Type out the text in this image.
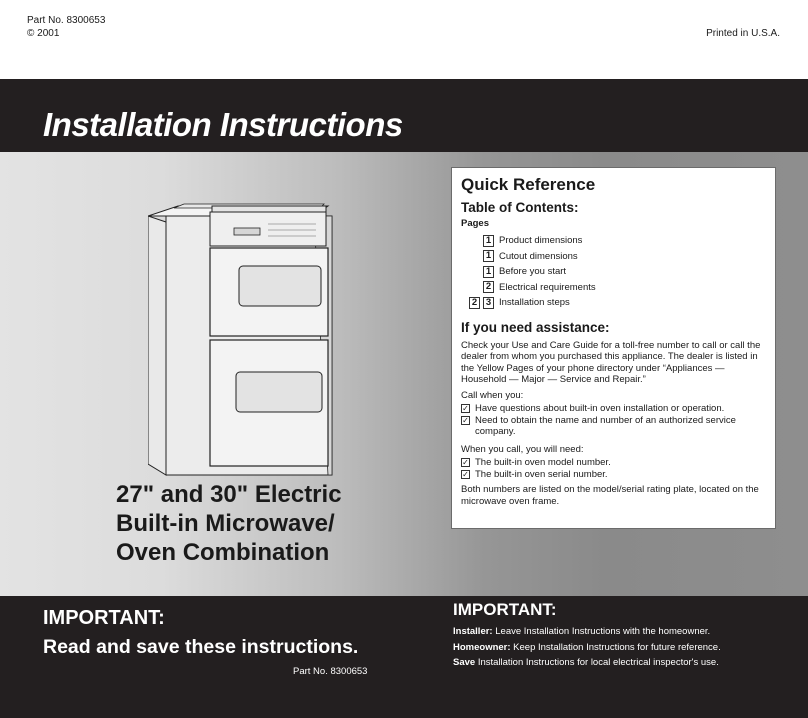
Part No. 8300653
© 2001	Printed in U.S.A.
Installation Instructions
27" and 30" Electric
Built-in Microwave/
Oven Combination
Quick Reference
Table of Contents:
Pages
1 Product dimensions
1 Cutout dimensions
1 Before you start
2 Electrical requirements
2 3 Installation steps
If you need assistance:
Check your Use and Care Guide for a toll-free number to call or call the dealer from whom you purchased this appliance. The dealer is listed in the Yellow Pages of your phone directory under “Appliances — Household — Major — Service and Repair.”
Call when you:
✓ Have questions about built-in oven installation or operation.
✓ Need to obtain the name and number of an authorized service company.
When you call, you will need:
✓ The built-in oven model number.
✓ The built-in oven serial number.
Both numbers are listed on the model/serial rating plate, located on the microwave oven frame.
IMPORTANT:
Read and save these instructions.
Part No. 8300653
IMPORTANT:
Installer: Leave Installation Instructions with the homeowner.
Homeowner: Keep Installation Instructions for future reference.
Save Installation Instructions for local electrical inspector's use.
